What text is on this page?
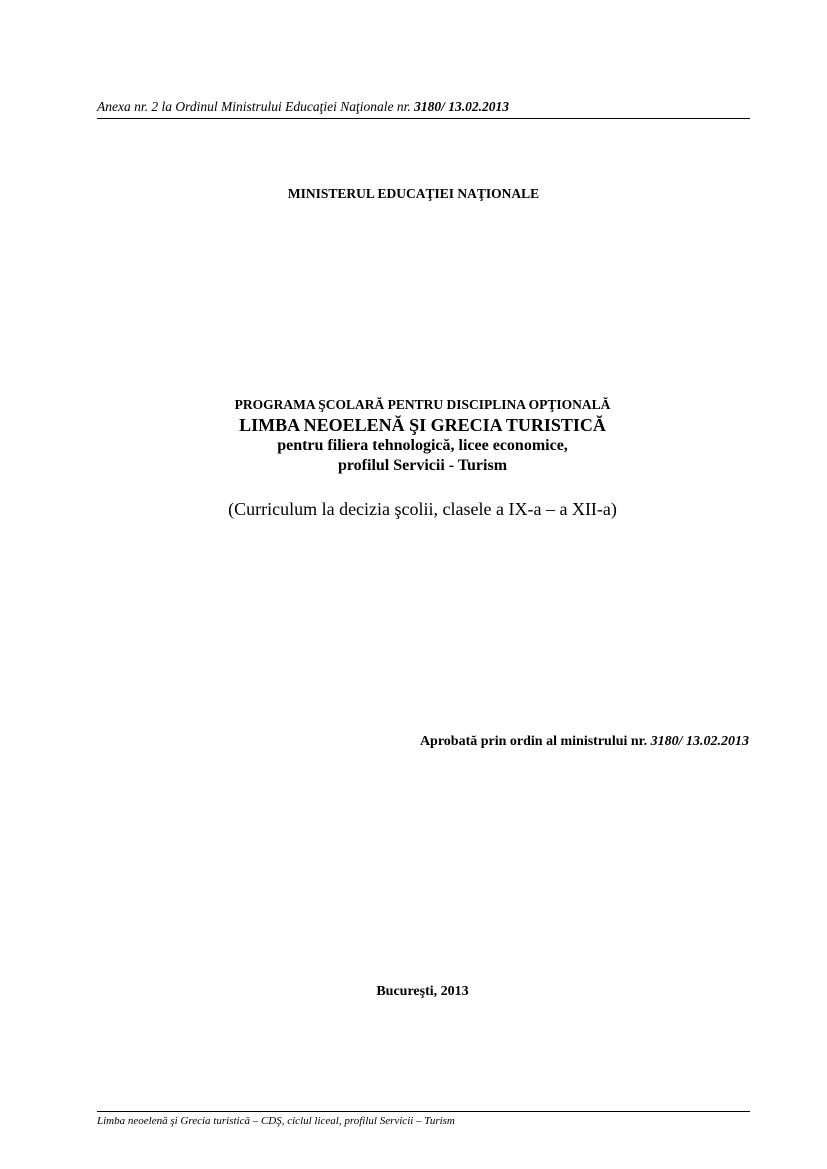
Anexa nr. 2 la Ordinul Ministrului Educaţiei Naţionale nr. 3180/ 13.02.2013
MINISTERUL EDUCAŢIEI NAŢIONALE

PROGRAMA ŞCOLARĂ PENTRU DISCIPLINA OPŢIONALĂ

LIMBA NEOELENĂ ŞI GRECIA TURISTICĂ

pentru filiera tehnologică, licee economice,

profilul Servicii - Turism

(Curriculum la decizia şcolii, clasele a IX-a – a XII-a)
Aprobată prin ordin al ministrului nr. 3180/ 13.02.2013
Bucureşti, 2013
Limba neoelenă şi Grecia turistică – CDŞ, ciclul liceal, profilul Servicii – Turism
